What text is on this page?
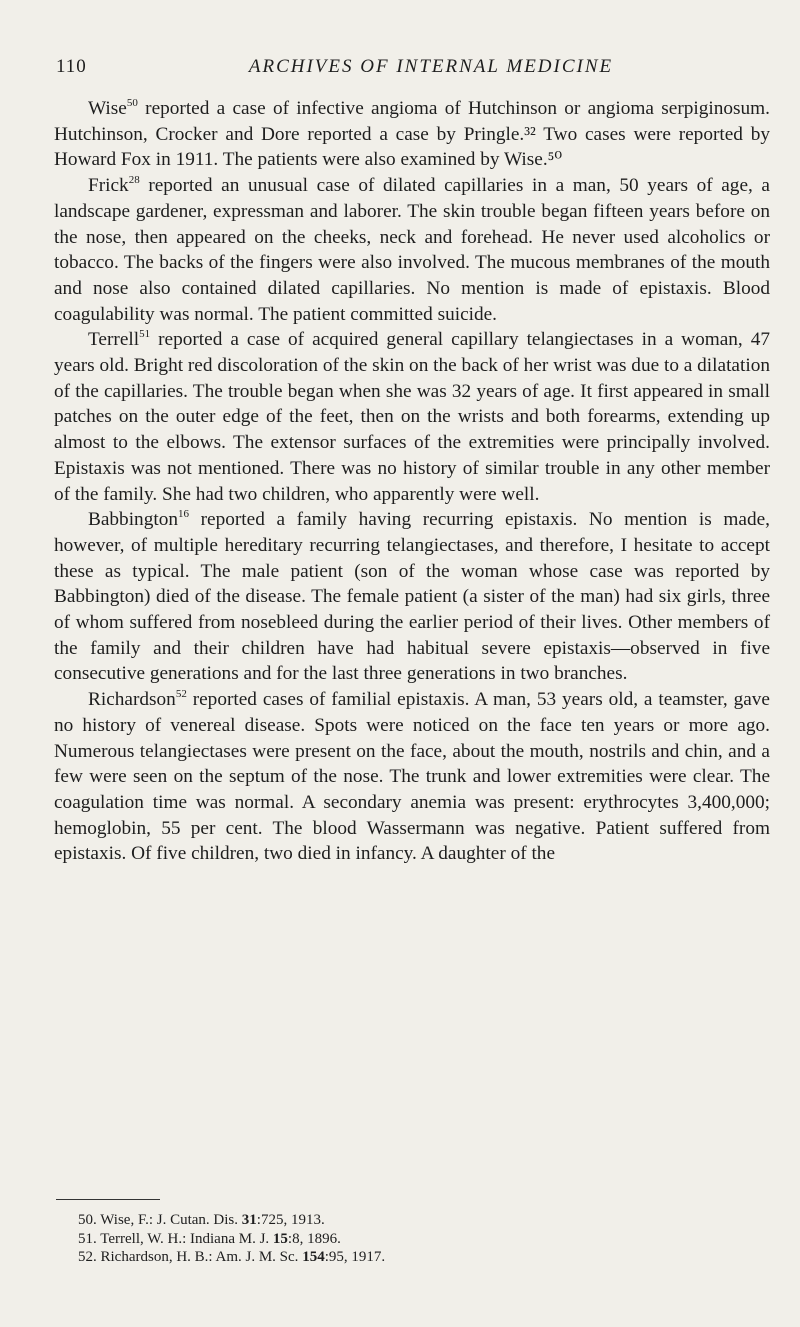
110	ARCHIVES OF INTERNAL MEDICINE

Wise$^{50}$ reported a case of infective angioma of Hutchinson or angioma serpiginosum. Hutchinson, Crocker and Dore reported a case by Pringle.³² Two cases were reported by Howard Fox in 1911. The patients were also examined by Wise.⁵⁰

Frick$^{28}$ reported an unusual case of dilated capillaries in a man, 50 years of age, a landscape gardener, expressman and laborer. The skin trouble began fifteen years before on the nose, then appeared on the cheeks, neck and forehead. He never used alcoholics or tobacco. The backs of the fingers were also involved. The mucous membranes of the mouth and nose also contained dilated capillaries. No mention is made of epistaxis. Blood coagulability was normal. The patient committed suicide.

Terrell$^{51}$ reported a case of acquired general capillary telangiectases in a woman, 47 years old. Bright red discoloration of the skin on the back of her wrist was due to a dilatation of the capillaries. The trouble began when she was 32 years of age. It first appeared in small patches on the outer edge of the feet, then on the wrists and both forearms, extending up almost to the elbows. The extensor surfaces of the extremities were principally involved. Epistaxis was not mentioned. There was no history of similar trouble in any other member of the family. She had two children, who apparently were well.

Babbington$^{16}$ reported a family having recurring epistaxis. No mention is made, however, of multiple hereditary recurring telangiectases, and therefore, I hesitate to accept these as typical. The male patient (son of the woman whose case was reported by Babbington) died of the disease. The female patient (a sister of the man) had six girls, three of whom suffered from nosebleed during the earlier period of their lives. Other members of the family and their children have had habitual severe epistaxis—observed in five consecutive generations and for the last three generations in two branches.

Richardson$^{52}$ reported cases of familial epistaxis. A man, 53 years old, a teamster, gave no history of venereal disease. Spots were noticed on the face ten years or more ago. Numerous telangiectases were present on the face, about the mouth, nostrils and chin, and a few were seen on the septum of the nose. The trunk and lower extremities were clear. The coagulation time was normal. A secondary anemia was present: erythrocytes 3,400,000; hemoglobin, 55 per cent. The blood Wassermann was negative. Patient suffered from epistaxis. Of five children, two died in infancy. A daughter of the

50. Wise, F.: J. Cutan. Dis. 31:725, 1913.
51. Terrell, W. H.: Indiana M. J. 15:8, 1896.
52. Richardson, H. B.: Am. J. M. Sc. 154:95, 1917.
